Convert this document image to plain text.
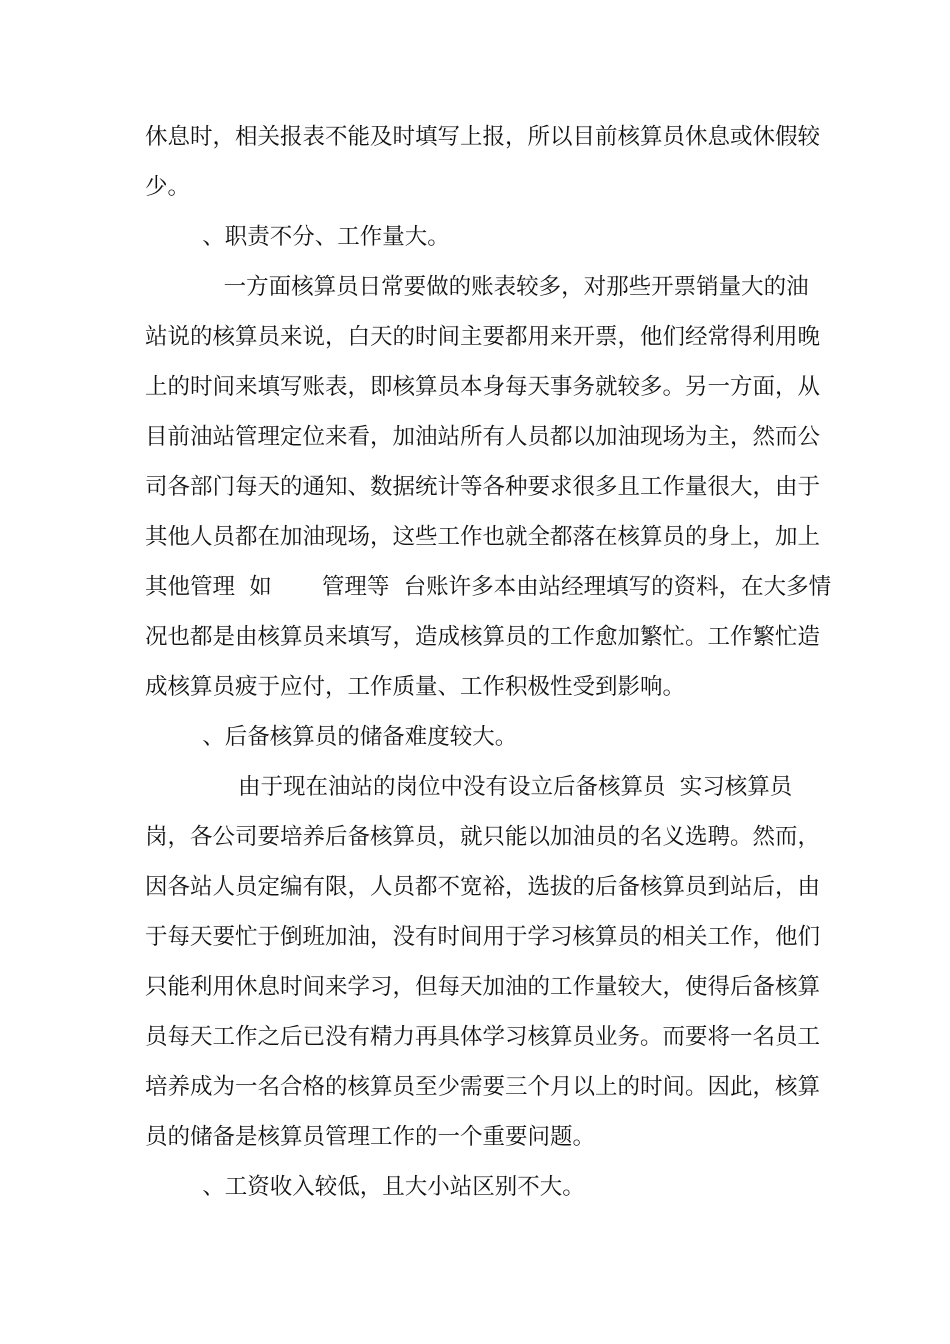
休息时，相关报表不能及时填写上报，所以目前核算员休息或休假较
少。
、职责不分、工作量大。
一方面核算员日常要做的账表较多，对那些开票销量大的油
站说的核算员来说，白天的时间主要都用来开票，他们经常得利用晚
上的时间来填写账表，即核算员本身每天事务就较多。另一方面，从
目前油站管理定位来看，加油站所有人员都以加油现场为主，然而公
司各部门每天的通知、数据统计等各种要求很多且工作量很大，由于
其他人员都在加油现场，这些工作也就全都落在核算员的身上，加上
其他管理  如       管理等  台账许多本由站经理填写的资料，在大多情
况也都是由核算员来填写，造成核算员的工作愈加繁忙。工作繁忙造
成核算员疲于应付，工作质量、工作积极性受到影响。
、后备核算员的储备难度较大。
由于现在油站的岗位中没有设立后备核算员  实习核算员
岗，各公司要培养后备核算员，就只能以加油员的名义选聘。然而，
因各站人员定编有限，人员都不宽裕，选拔的后备核算员到站后，由
于每天要忙于倒班加油，没有时间用于学习核算员的相关工作，他们
只能利用休息时间来学习，但每天加油的工作量较大，使得后备核算
员每天工作之后已没有精力再具体学习核算员业务。而要将一名员工
培养成为一名合格的核算员至少需要三个月以上的时间。因此，核算
员的储备是核算员管理工作的一个重要问题。
、工资收入较低，且大小站区别不大。
